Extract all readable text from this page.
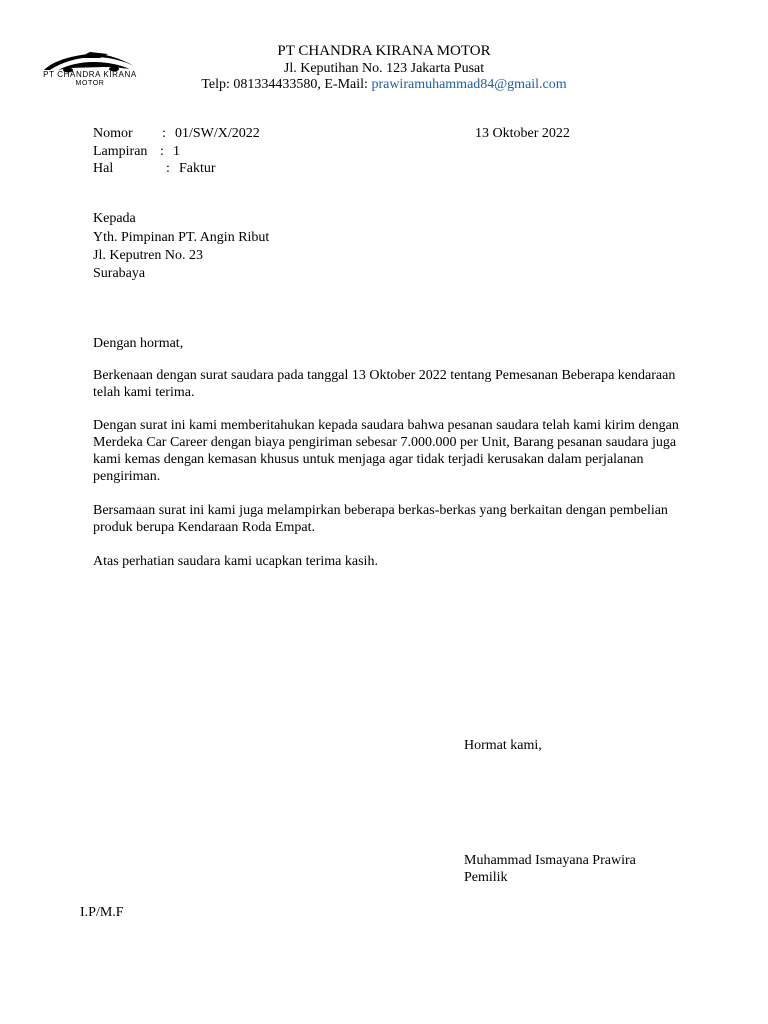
PT CHANDRA KIRANA
MOTOR
PT CHANDRA KIRANA MOTOR
Jl. Keputihan No. 123 Jakarta Pusat
Telp: 081334433580, E-Mail: prawiramuhammad84@gmail.com
Nomor : 01/SW/X/2022	13 Oktober 2022
Lampiran : 1
Hal	: Faktur
Kepada
Yth. Pimpinan PT. Angin Ribut
Jl. Keputren No. 23
Surabaya
Dengan hormat,

Berkenaan dengan surat saudara pada tanggal 13 Oktober 2022 tentang Pemesanan Beberapa kendaraan telah kami terima.

Dengan surat ini kami memberitahukan kepada saudara bahwa pesanan saudara telah kami kirim dengan Merdeka Car Career dengan biaya pengiriman sebesar 7.000.000 per Unit, Barang pesanan saudara juga kami kemas dengan kemasan khusus untuk menjaga agar tidak terjadi kerusakan dalam perjalanan pengiriman.

Bersamaan surat ini kami juga melampirkan beberapa berkas-berkas yang berkaitan dengan pembelian produk berupa Kendaraan Roda Empat.

Atas perhatian saudara kami ucapkan terima kasih.

Hormat kami,
Muhammad Ismayana Prawira
Pemilik
I.P/M.F
